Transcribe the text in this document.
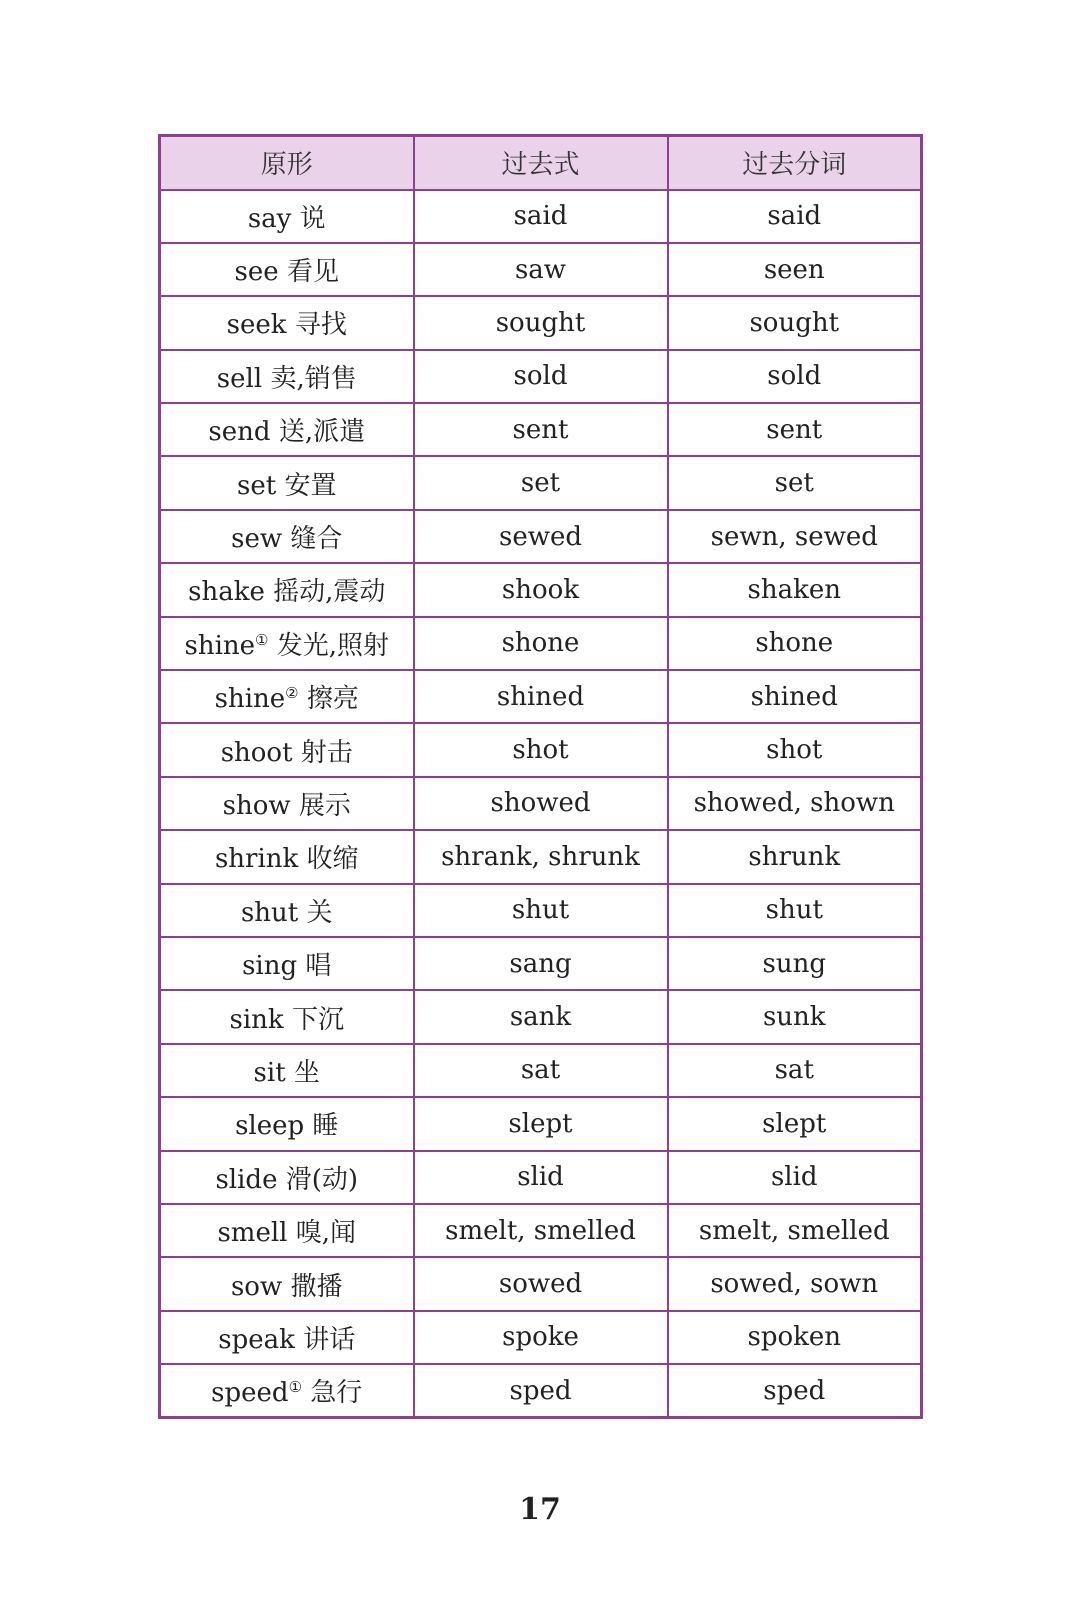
原形	过去式	过去分词
say 说	said	said
see 看见	saw	seen
seek 寻找	sought	sought
sell 卖,销售	sold	sold
send 送,派遣	sent	sent
set 安置	set	set
sew 缝合	sewed	sewn, sewed
shake 摇动,震动	shook	shaken
shine① 发光,照射	shone	shone
shine② 擦亮	shined	shined
shoot 射击	shot	shot
show 展示	showed	showed, shown
shrink 收缩	shrank, shrunk	shrunk
shut 关	shut	shut
sing 唱	sang	sung
sink 下沉	sank	sunk
sit 坐	sat	sat
sleep 睡	slept	slept
slide 滑(动)	slid	slid
smell 嗅,闻	smelt, smelled	smelt, smelled
sow 撒播	sowed	sowed, sown
speak 讲话	spoke	spoken
speed① 急行	sped	sped
17
